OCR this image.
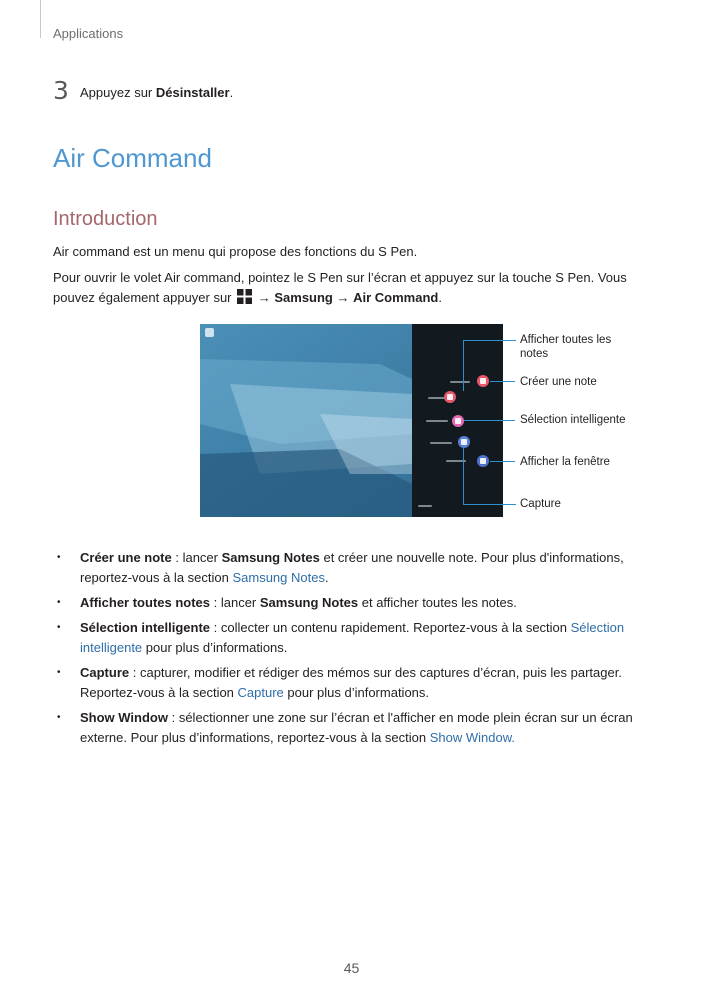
Applications
3 Appuyez sur Désinstaller.
Air Command
Introduction
Air command est un menu qui propose des fonctions du S Pen.
Pour ouvrir le volet Air command, pointez le S Pen sur l’écran et appuyez sur la touche S Pen. Vous
pouvez également appuyer sur  → Samsung → Air Command.
Afficher toutes les notes
Créer une note
Sélection intelligente
Afficher la fenêtre
Capture
• Créer une note : lancer Samsung Notes et créer une nouvelle note. Pour plus d'informations,
reportez-vous à la section Samsung Notes.
• Afficher toutes notes : lancer Samsung Notes et afficher toutes les notes.
• Sélection intelligente : collecter un contenu rapidement. Reportez-vous à la section Sélection
intelligente pour plus d’informations.
• Capture : capturer, modifier et rédiger des mémos sur des captures d’écran, puis les partager.
Reportez-vous à la section Capture pour plus d’informations.
• Show Window : sélectionner une zone sur l’écran et l'afficher en mode plein écran sur un écran
externe. Pour plus d’informations, reportez-vous à la section Show Window.
45
